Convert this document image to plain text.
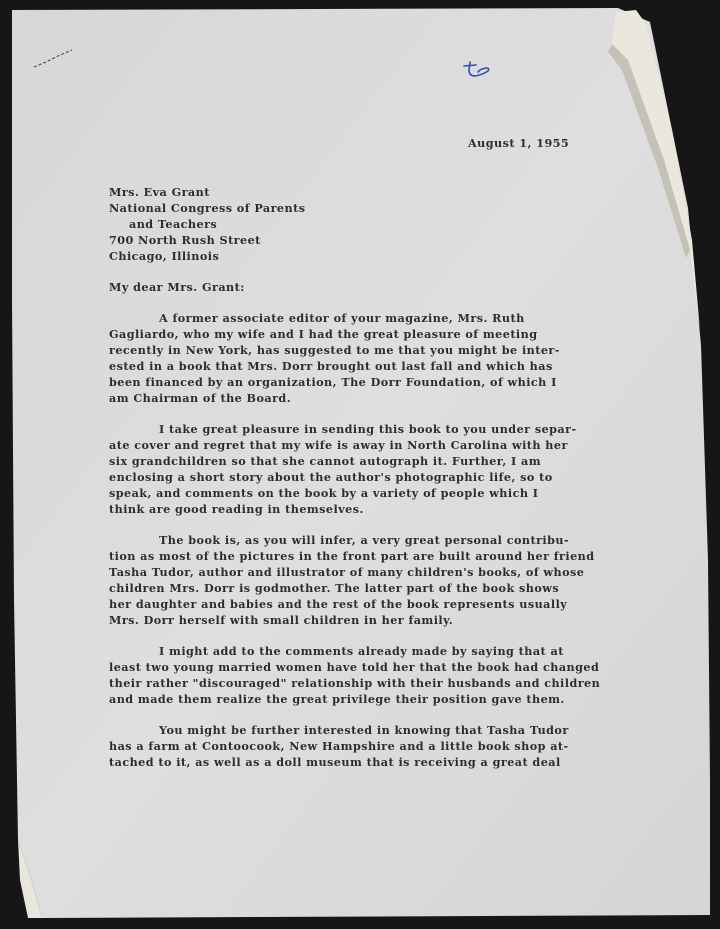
t
August 1, 1955
Mrs. Eva Grant
National Congress of Parents
and Teachers
700 North Rush Street
Chicago, Illinois
My dear Mrs. Grant:
A former associate editor of your magazine, Mrs. Ruth
Gagliardo, who my wife and I had the great pleasure of meeting
recently in New York, has suggested to me that you might be inter-
ested in a book that Mrs. Dorr brought out last fall and which has
been financed by an organization, The Dorr Foundation, of which I
am Chairman of the Board.
I take great pleasure in sending this book to you under separ-
ate cover and regret that my wife is away in North Carolina with her
six grandchildren so that she cannot autograph it. Further, I am
enclosing a short story about the author's photographic life, so to
speak, and comments on the book by a variety of people which I
think are good reading in themselves.
The book is, as you will infer, a very great personal contribu-
tion as most of the pictures in the front part are built around her friend
Tasha Tudor, author and illustrator of many children's books, of whose
children Mrs. Dorr is godmother. The latter part of the book shows
her daughter and babies and the rest of the book represents usually
Mrs. Dorr herself with small children in her family.
I might add to the comments already made by saying that at
least two young married women have told her that the book had changed
their rather "discouraged" relationship with their husbands and children
and made them realize the great privilege their position gave them.
You might be further interested in knowing that Tasha Tudor
has a farm at Contoocook, New Hampshire and a little book shop at-
tached to it, as well as a doll museum that is receiving a great deal
